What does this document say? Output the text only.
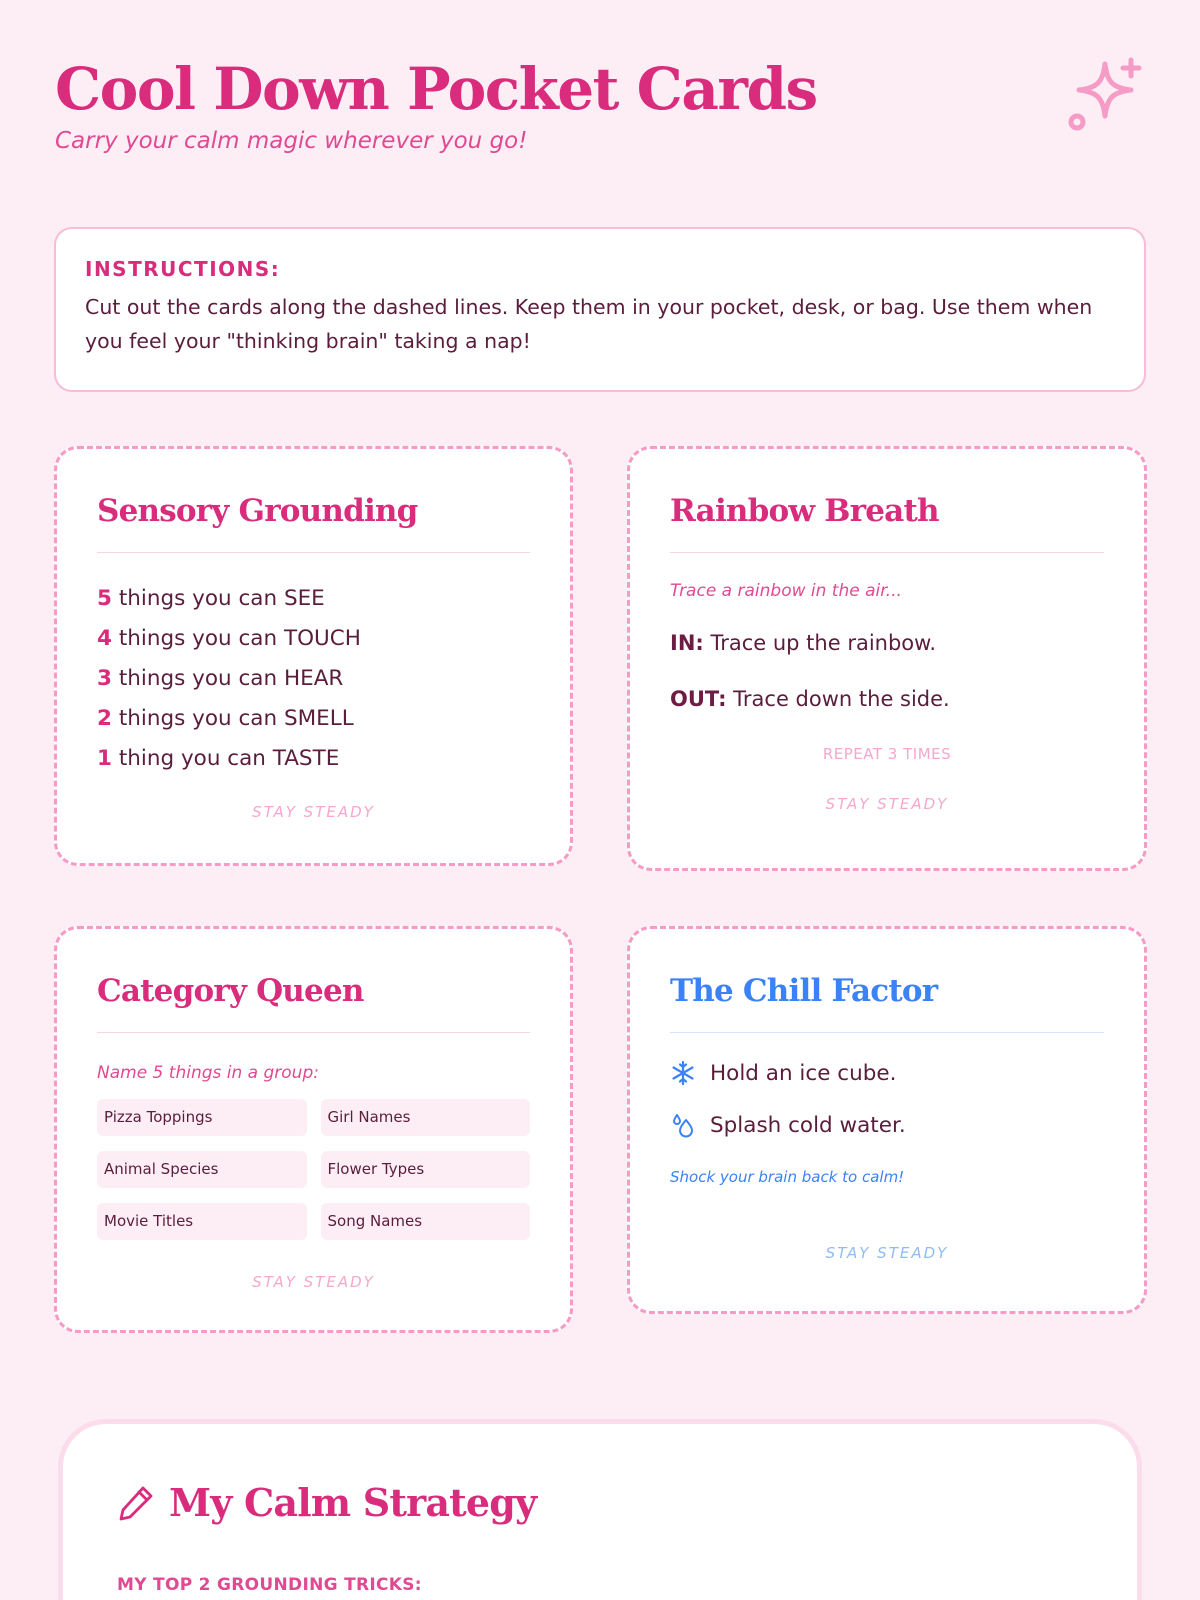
Cool Down Pocket Cards
Carry your calm magic wherever you go!
INSTRUCTIONS:
Cut out the cards along the dashed lines. Keep them in your pocket, desk, or bag. Use them when you feel your "thinking brain" taking a nap!
Sensory Grounding
5 things you can SEE
4 things you can TOUCH
3 things you can HEAR
2 things you can SMELL
1 thing you can TASTE
STAY STEADY
Rainbow Breath
Trace a rainbow in the air...
IN: Trace up the rainbow.
OUT: Trace down the side.
REPEAT 3 TIMES
STAY STEADY
Category Queen
Name 5 things in a group:
Pizza Toppings	Girl Names
Animal Species	Flower Types
Movie Titles	Song Names
STAY STEADY
The Chill Factor
Hold an ice cube.
Splash cold water.
Shock your brain back to calm!
STAY STEADY
My Calm Strategy
MY TOP 2 GROUNDING TRICKS:
